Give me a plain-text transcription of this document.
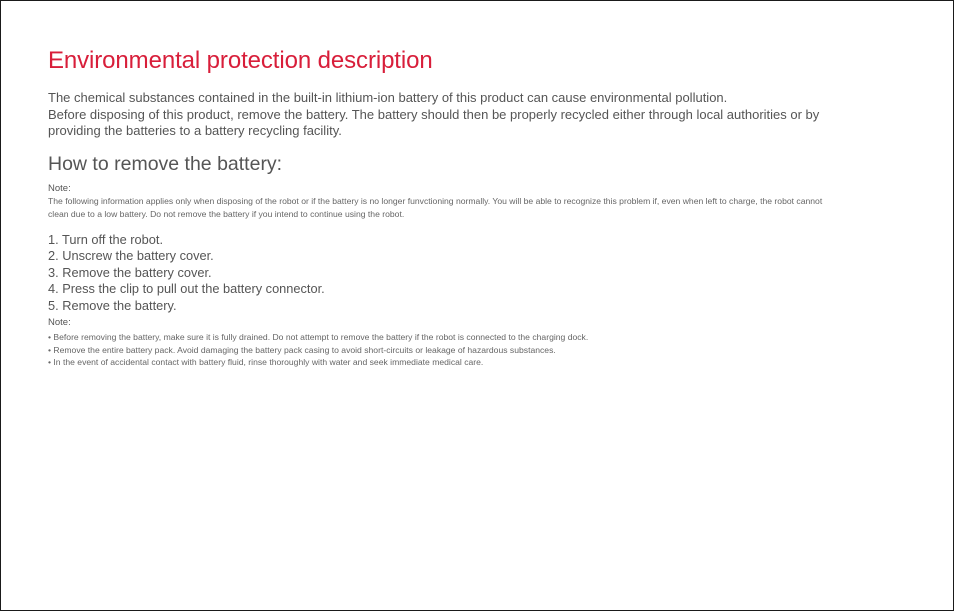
Environmental protection description

The chemical substances contained in the built-in lithium-ion battery of this product can cause environmental pollution.

Before disposing of this product, remove the battery. The battery should then be properly recycled either through local authorities or by providing the batteries to a battery recycling facility.

How to remove the battery:
Note:

The following information applies only when disposing of the robot or if the battery is no longer funvctioning normally. You will be able to recognize this problem if, even when left to charge, the robot cannot clean due to a low battery. Do not remove the battery if you intend to continue using the robot.

1. Turn off the robot.
2. Unscrew the battery cover.
3. Remove the battery cover.
4. Press the clip to pull out the battery connector.
5. Remove the battery.
Note:
• Before removing the battery, make sure it is fully drained. Do not attempt to remove the battery if the robot is connected to the charging dock.
• Remove the entire battery pack. Avoid damaging the battery pack casing to avoid short-circuits or leakage of hazardous substances.
• In the event of accidental contact with battery fluid, rinse thoroughly with water and seek immediate medical care.
